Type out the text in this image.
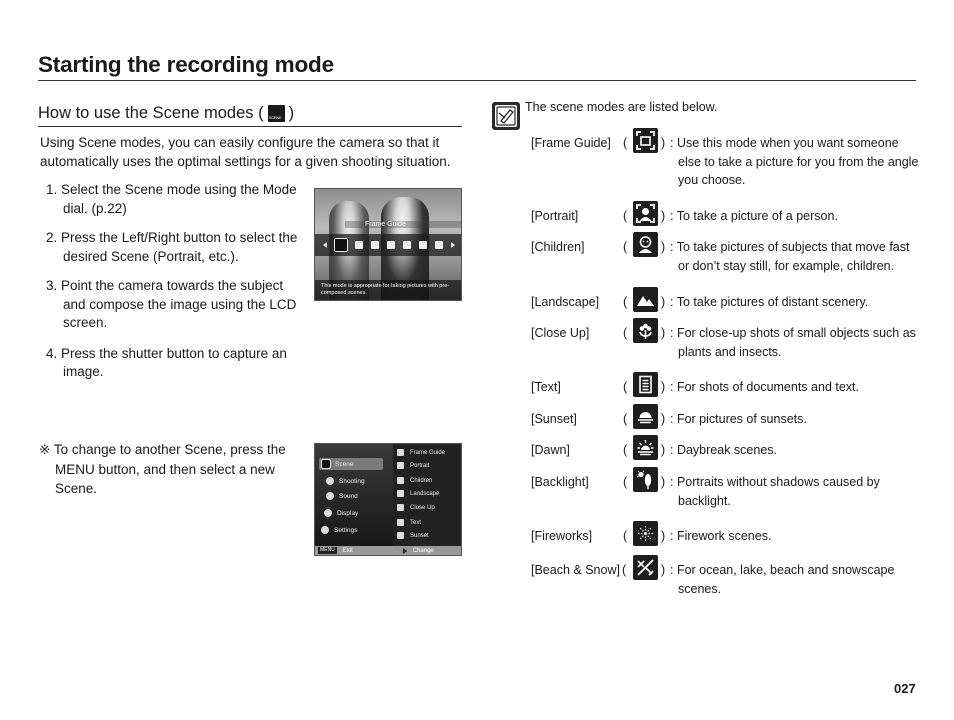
Starting the recording mode
How to use the Scene modes (
SCENE )

Using Scene modes, you can easily configure the camera so that it automatically uses the optimal settings for a given shooting situation.

1. Select the Scene mode using the Mode dial. (p.22)

2. Press the Left/Right button to select the desired Scene (Portrait, etc.).

3. Point the camera towards the subject and compose the image using the LCD screen.

4. Press the shutter button to capture an image.

※ To change to another Scene, press the MENU button, and then select a new Scene.

Frame Guide
This mode is appropriate for taking pictures with pre-composed scenes.
Scene
Shooting
Sound
Display
Settings
Frame Guide
Portrait
Children
Landscape
Close Up
Text
Sunset
MENU	Exit	Change
The scene modes are listed below.
[Frame Guide] (	) : Use this mode when you want someone else to take a picture for you from the angle you choose.
[Portrait]	(	) : To take a picture of a person.
[Children]	(	) : To take pictures of subjects that move fast or don’t stay still, for example, children.
[Landscape] (	) : To take pictures of distant scenery.
[Close Up]	(	) : For close-up shots of small objects such as plants and insects.
[Text]	(	) : For shots of documents and text.
[Sunset]	(	) : For pictures of sunsets.
[Dawn]	(	) : Daybreak scenes.
[Backlight]	(	) : Portraits without shadows caused by backlight.
[Fireworks] (	) : Firework scenes.
[Beach & Snow] (	) : For ocean, lake, beach and snowscape scenes.
027
